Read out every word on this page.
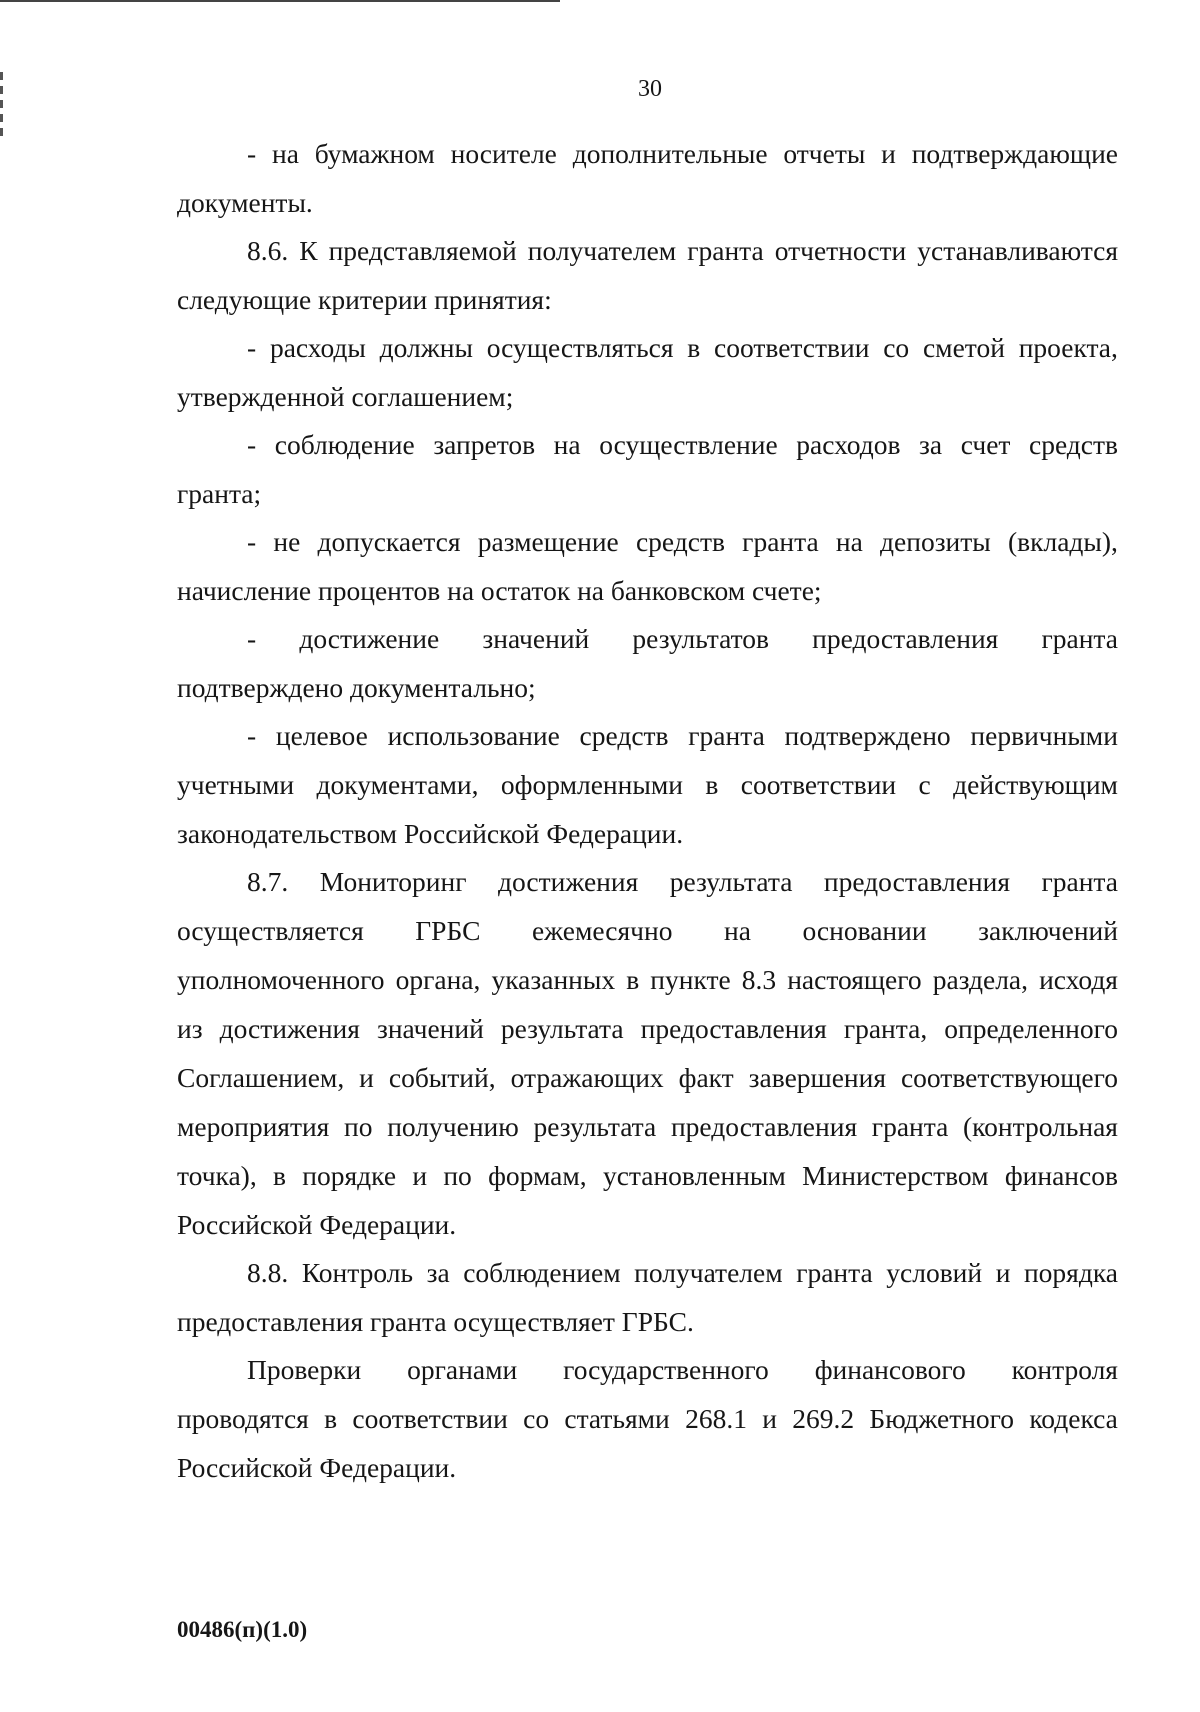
30
- на бумажном носителе дополнительные отчеты и подтверждающие
документы.
8.6. К представляемой получателем гранта отчетности устанавливаются
следующие критерии принятия:
- расходы должны осуществляться в соответствии со сметой проекта,
утвержденной соглашением;
- соблюдение запретов на осуществление расходов за счет средств
гранта;
- не допускается размещение средств гранта на депозиты (вклады),
начисление процентов на остаток на банковском счете;
- достижение значений результатов предоставления гранта
подтверждено документально;
- целевое использование средств гранта подтверждено первичными
учетными документами, оформленными в соответствии с действующим
законодательством Российской Федерации.
8.7. Мониторинг достижения результата предоставления гранта
осуществляется ГРБС ежемесячно на основании заключений
уполномоченного органа, указанных в пункте 8.3 настоящего раздела, исходя
из достижения значений результата предоставления гранта, определенного
Соглашением, и событий, отражающих факт завершения соответствующего
мероприятия по получению результата предоставления гранта (контрольная
точка), в порядке и по формам, установленным Министерством финансов
Российской Федерации.
8.8. Контроль за соблюдением получателем гранта условий и порядка
предоставления гранта осуществляет ГРБС.
Проверки органами государственного финансового контроля
проводятся в соответствии со статьями 268.1 и 269.2 Бюджетного кодекса
Российской Федерации.
00486(п)(1.0)
